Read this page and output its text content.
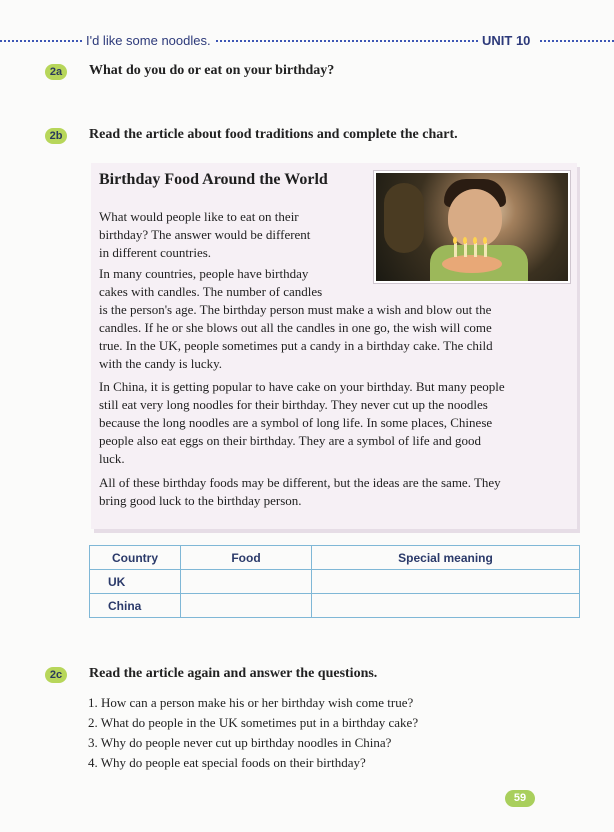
I'd like some noodles.	UNIT 10
2a	What do you do or eat on your birthday?
2b	Read the article about food traditions and complete the chart.
Birthday Food Around the World
What would people like to eat on their
birthday? The answer would be different
in different countries.
In many countries, people have birthday
cakes with candles. The number of candles
is the person's age. The birthday person must make a wish and blow out the
candles. If he or she blows out all the candles in one go, the wish will come
true. In the UK, people sometimes put a candy in a birthday cake. The child
with the candy is lucky.
In China, it is getting popular to have cake on your birthday. But many people
still eat very long noodles for their birthday. They never cut up the noodles
because the long noodles are a symbol of long life. In some places, Chinese
people also eat eggs on their birthday. They are a symbol of life and good
luck.
All of these birthday foods may be different, but the ideas are the same. They
bring good luck to the birthday person.
Country	Food	Special meaning
UK		
China		
2c	Read the article again and answer the questions.
1. How can a person make his or her birthday wish come true?
2. What do people in the UK sometimes put in a birthday cake?
3. Why do people never cut up birthday noodles in China?
4. Why do people eat special foods on their birthday?
59
